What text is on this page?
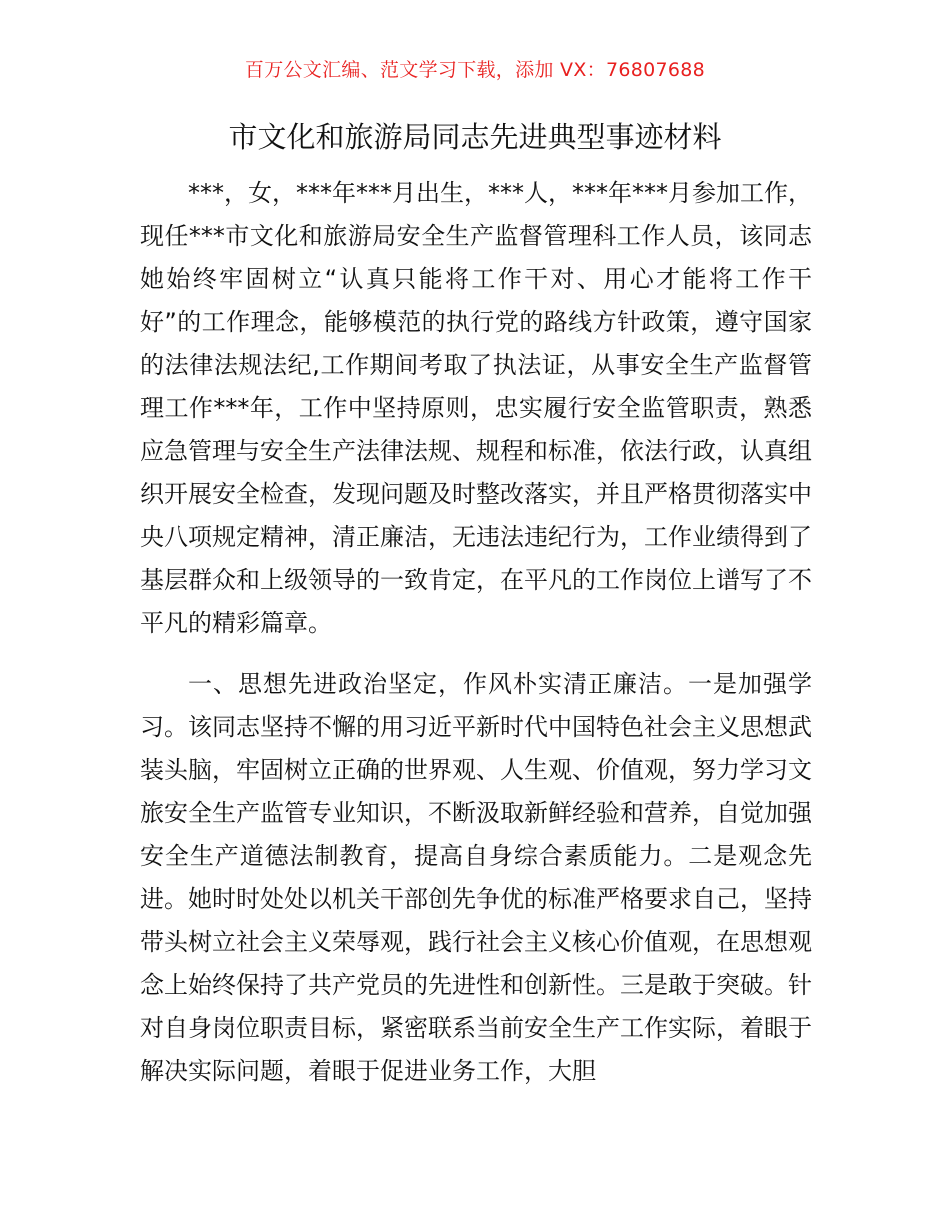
百万公文汇编、范文学习下载，添加 VX：76807688
市文化和旅游局同志先进典型事迹材料

***，女，***年***月出生，***人，***年***月参加工作，现任***市文化和旅游局安全生产监督管理科工作人员，该同志她始终牢固树立“认真只能将工作干对、用心才能将工作干好”的工作理念，能够模范的执行党的路线方针政策，遵守国家的法律法规法纪,工作期间考取了执法证，从事安全生产监督管理工作***年，工作中坚持原则，忠实履行安全监管职责，熟悉应急管理与安全生产法律法规、规程和标准，依法行政，认真组织开展安全检查，发现问题及时整改落实，并且严格贯彻落实中央八项规定精神，清正廉洁，无违法违纪行为，工作业绩得到了基层群众和上级领导的一致肯定，在平凡的工作岗位上谱写了不平凡的精彩篇章。

一、思想先进政治坚定，作风朴实清正廉洁。一是加强学习。该同志坚持不懈的用习近平新时代中国特色社会主义思想武装头脑，牢固树立正确的世界观、人生观、价值观，努力学习文旅安全生产监管专业知识，不断汲取新鲜经验和营养，自觉加强安全生产道德法制教育，提高自身综合素质能力。二是观念先进。她时时处处以机关干部创先争优的标准严格要求自己，坚持带头树立社会主义荣辱观，践行社会主义核心价值观，在思想观念上始终保持了共产党员的先进性和创新性。三是敢于突破。针对自身岗位职责目标，紧密联系当前安全生产工作实际，着眼于解决实际问题，着眼于促进业务工作，大胆
